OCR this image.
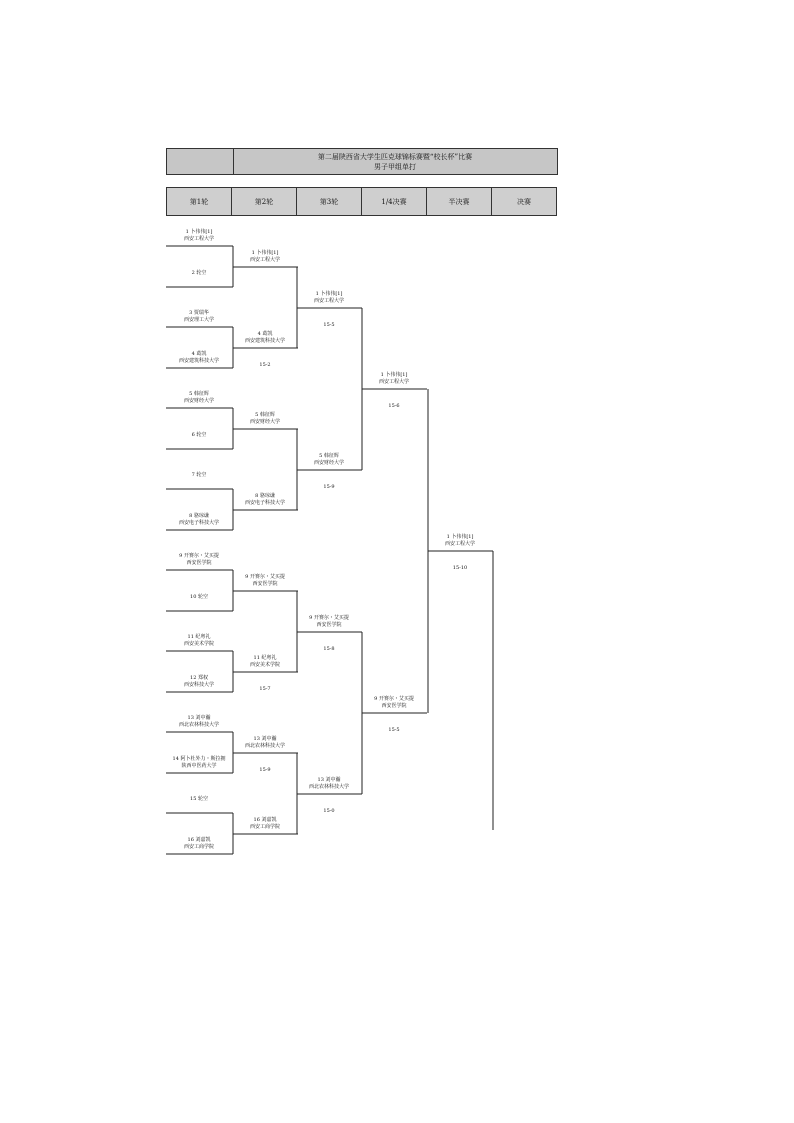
第二届陕西省大学生匹克球锦标赛暨“校长杯”比赛
男子甲组单打
第1轮	第2轮	第3轮	1/4决赛	半决赛	决赛
1 卜伟伟[1]
西安工程大学
2 轮空
3 贾瑞华
西安理工大学
4 葛凯
西安建筑科技大学
5 韩征辉
西安财经大学
6 轮空
7 轮空
8 骆琼谦
西安电子科技大学
9 开赛尔・艾买提
西安医学院
10 轮空
11 纪粤礼
西安美术学院
12 郑权
西安科技大学
13 刘中瀚
西北农林科技大学
14 阿卜杜外力・斯拉拥
陕西中医药大学
15 轮空
16 刘嘉凯
西安工商学院
1 卜伟伟[1]
西安工程大学
4 葛凯
西安建筑科技大学
15-2
5 韩征辉
西安财经大学
8 骆琼谦
西安电子科技大学
9 开赛尔・艾买提
西安医学院
11 纪粤礼
西安美术学院
15-7
13 刘中瀚
西北农林科技大学
15-9
16 刘嘉凯
西安工商学院
1 卜伟伟[1]
西安工程大学
15-5
5 韩征辉
西安财经大学
15-9
9 开赛尔・艾买提
西安医学院
15-8
13 刘中瀚
西北农林科技大学
15-0
1 卜伟伟[1]
西安工程大学
15-6
9 开赛尔・艾买提
西安医学院
15-5
1 卜伟伟[1]
西安工程大学
15-10
